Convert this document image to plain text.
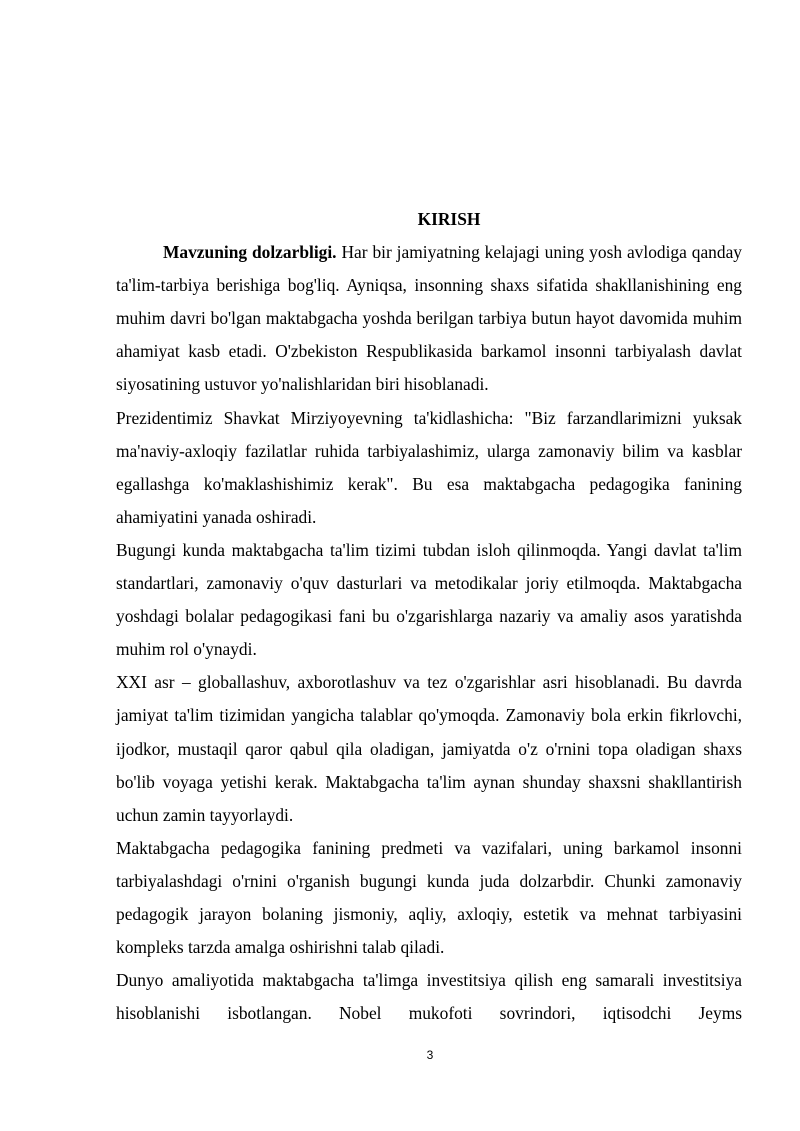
KIRISH

Mavzuning dolzarbligi. Har bir jamiyatning kelajagi uning yosh avlodiga qanday ta'lim-tarbiya berishiga bog'liq. Ayniqsa, insonning shaxs sifatida shakllanishining eng muhim davri bo'lgan maktabgacha yoshda berilgan tarbiya butun hayot davomida muhim ahamiyat kasb etadi. O'zbekiston Respublikasida barkamol insonni tarbiyalash davlat siyosatining ustuvor yo'nalishlaridan biri hisoblanadi.

Prezidentimiz Shavkat Mirziyoyevning ta'kidlashicha: "Biz farzandlarimizni yuksak ma'naviy-axloqiy fazilatlar ruhida tarbiyalashimiz, ularga zamonaviy bilim va kasblar egallashga ko'maklashishimiz kerak". Bu esa maktabgacha pedagogika fanining ahamiyatini yanada oshiradi.

Bugungi kunda maktabgacha ta'lim tizimi tubdan isloh qilinmoqda. Yangi davlat ta'lim standartlari, zamonaviy o'quv dasturlari va metodikalar joriy etilmoqda. Maktabgacha yoshdagi bolalar pedagogikasi fani bu o'zgarishlarga nazariy va amaliy asos yaratishda muhim rol o'ynaydi.

XXI asr – globallashuv, axborotlashuv va tez o'zgarishlar asri hisoblanadi. Bu davrda jamiyat ta'lim tizimidan yangicha talablar qo'ymoqda. Zamonaviy bola erkin fikrlovchi, ijodkor, mustaqil qaror qabul qila oladigan, jamiyatda o'z o'rnini topa oladigan shaxs bo'lib voyaga yetishi kerak. Maktabgacha ta'lim aynan shunday shaxsni shakllantirish uchun zamin tayyorlaydi.

Maktabgacha pedagogika fanining predmeti va vazifalari, uning barkamol insonni tarbiyalashdagi o'rnini o'rganish bugungi kunda juda dolzarbdir. Chunki zamonaviy pedagogik jarayon bolaning jismoniy, aqliy, axloqiy, estetik va mehnat tarbiyasini kompleks tarzda amalga oshirishni talab qiladi.

Dunyo amaliyotida maktabgacha ta'limga investitsiya qilish eng samarali investitsiya hisoblanishi isbotlangan. Nobel mukofoti sovrindori, iqtisodchi Jeyms

3
